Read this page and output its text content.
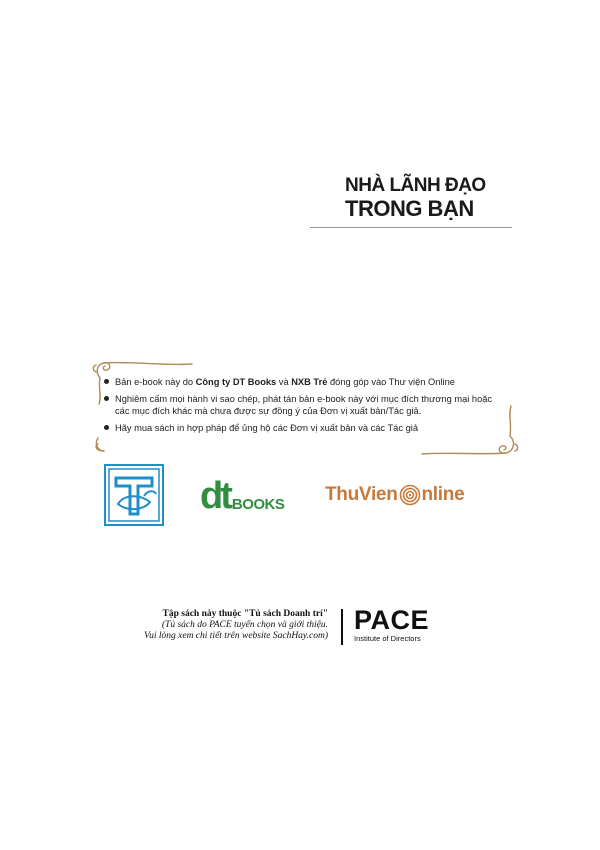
NHÀ LÃNH ĐẠO
TRONG BẠN
Bản e-book này do Công ty DT Books và NXB Trẻ đóng góp vào Thư viện Online
Nghiêm cấm mọi hành vi sao chép, phát tán bản e-book này với mục đích thương mại hoặc các mục đích khác mà chưa được sự đồng ý của Đơn vị xuất bản/Tác giả.
Hãy mua sách in hợp pháp để ủng hộ các Đơn vị xuất bản và các Tác giả
dt BOOKS ThuVien nline
Tập sách này thuộc "Tủ sách Doanh trí"
(Tủ sách do PACE tuyển chọn và giới thiệu.
Vui lòng xem chi tiết trên website SachHay.com)
PACE
Institute of Directors
